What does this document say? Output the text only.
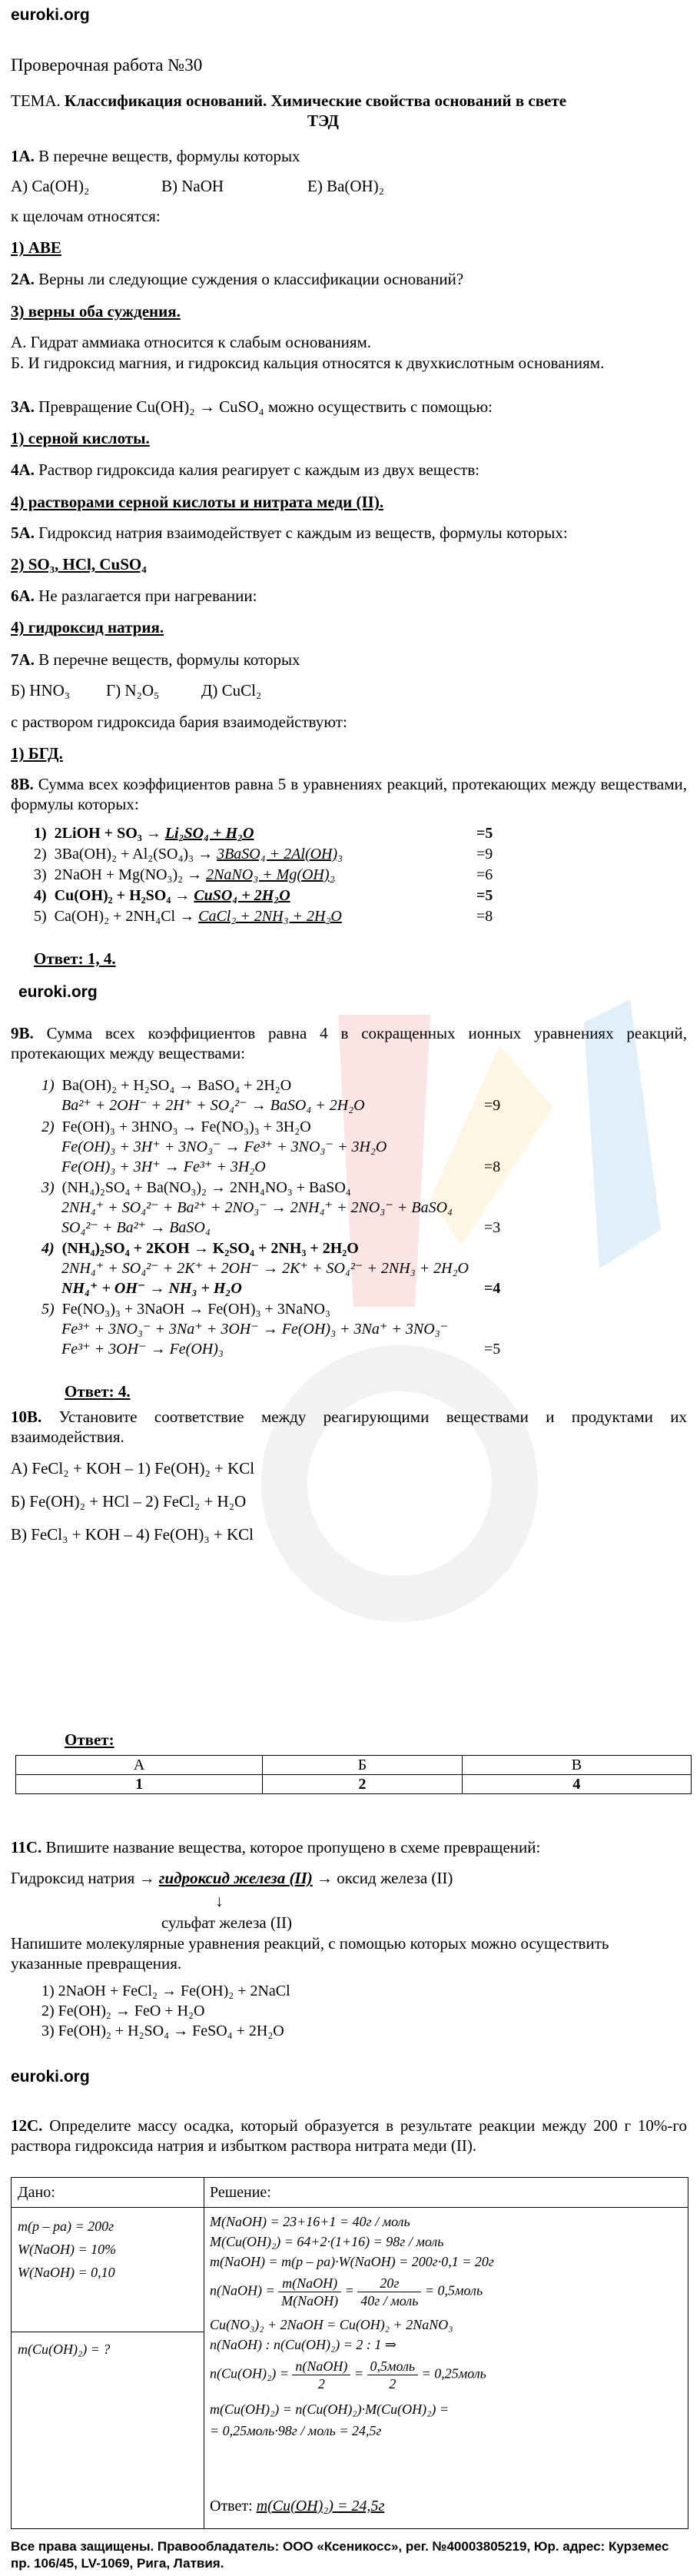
euroki.org
Проверочная работа №30
ТЕМА. Классификация оснований. Химические свойства оснований в свете
ТЭД
1А. В перечне веществ, формулы которых
А) Ca(OH)₂	В) NaOH	Е) Ba(OH)₂
к щелочам относятся:
1) АВЕ
2А. Верны ли следующие суждения о классификации оснований?
3) верны оба суждения.
А. Гидрат аммиака относится к слабым основаниям.
Б. И гидроксид магния, и гидроксид кальция относятся к двухкислотным основаниям.
3А. Превращение Cu(OH)₂ → CuSO₄ можно осуществить с помощью:
1) серной кислоты.
4А. Раствор гидроксида калия реагирует с каждым из двух веществ:
4) растворами серной кислоты и нитрата меди (II).
5А. Гидроксид натрия взаимодействует с каждым из веществ, формулы которых:
2) SO₃, HCl, CuSO₄
6А. Не разлагается при нагревании:
4) гидроксид натрия.
7А. В перечне веществ, формулы которых
Б) HNO₃ Г) N₂O₅	Д) CuCl₂
с раствором гидроксида бария взаимодействуют:
1) БГД.
8В. Сумма всех коэффициентов равна 5 в уравнениях реакций, протекающих между веществами, формулы которых:
1) 2LiOH + SO₃ → Li₂SO₄ + H₂O	=5
2) 3Ba(OH)₂ + Al₂(SO₄)₃ → 3BaSO₄ + 2Al(OH)₃	=9
3) 2NaOH + Mg(NO₃)₂ → 2NaNO₃ + Mg(OH)₂	=6
4) Cu(OH)₂ + H₂SO₄ → CuSO₄ + 2H₂O	=5
5) Ca(OH)₂ + 2NH₄Cl → CaCl₂ + 2NH₃ + 2H₂O	=8
Ответ: 1, 4.
euroki.org
9В. Сумма всех коэффициентов равна 4 в сокращенных ионных уравнениях реакций, протекающих между веществами:
1) Ba(OH)₂ + H₂SO₄ → BaSO₄ + 2H₂O
Ba²⁺ + 2OH⁻ + 2H⁺ + SO₄²⁻ → BaSO₄ + 2H₂O	=9
2) Fe(OH)₃ + 3HNO₃ → Fe(NO₃)₃ + 3H₂O
Fe(OH)₃ + 3H⁺ + 3NO₃⁻ → Fe³⁺ + 3NO₃⁻ + 3H₂O
Fe(OH)₃ + 3H⁺ → Fe³⁺ + 3H₂O	=8
3) (NH₄)₂SO₄ + Ba(NO₃)₂ → 2NH₄NO₃ + BaSO₄
2NH₄⁺ + SO₄²⁻ + Ba²⁺ + 2NO₃⁻ → 2NH₄⁺ + 2NO₃⁻ + BaSO₄
SO₄²⁻ + Ba²⁺ → BaSO₄	=3
4) (NH₄)₂SO₄ + 2KOH → K₂SO₄ + 2NH₃ + 2H₂O
2NH₄⁺ + SO₄²⁻ + 2K⁺ + 2OH⁻ → 2K⁺ + SO₄²⁻ + 2NH₃ + 2H₂O
NH₄⁺ + OH⁻ → NH₃ + H₂O	=4
5) Fe(NO₃)₃ + 3NaOH → Fe(OH)₃ + 3NaNO₃
Fe³⁺ + 3NO₃⁻ + 3Na⁺ + 3OH⁻ → Fe(OH)₃ + 3Na⁺ + 3NO₃⁻
Fe³⁺ + 3OH⁻ → Fe(OH)₃	=5
Ответ: 4.
10В. Установите соответствие между реагирующими веществами и продуктами их взаимодействия.
А) FeCl₂ + KOH – 1) Fe(OH)₂ + KCl
Б) Fe(OH)₂ + HCl – 2) FeCl₂ + H₂O
В) FeCl₃ + KOH – 4) Fe(OH)₃ + KCl
Ответ:
А	Б	В
1	2	4
11С. Впишите название вещества, которое пропущено в схеме превращений:
Гидроксид натрия → гидроксид железа (II) → оксид железа (II)
↓
сульфат железа (II)
Напишите молекулярные уравнения реакций, с помощью которых можно осуществить указанные превращения.
1) 2NaOH + FeCl₂ → Fe(OH)₂ + 2NaCl
2) Fe(OH)₂ → FeO + H₂O
3) Fe(OH)₂ + H₂SO₄ → FeSO₄ + 2H₂O
euroki.org
12С. Определите массу осадка, который образуется в результате реакции между 200 г 10%-го раствора гидроксида натрия и избытком раствора нитрата меди (II).
Дано:	Решение:
m(p – pa) = 200г
W(NaOH) = 10%
W(NaOH) = 0,10
m(Cu(OH)₂) = ?
M(NaOH) = 23+16+1 = 40г / моль
M(Cu(OH)₂) = 64+2·(1+16) = 98г / моль
m(NaOH) = m(p – pa)·W(NaOH) = 200г·0,1 = 20г
n(NaOH) = $\frac{\text{m(NaOH)}}{\text{M(NaOH)}} = \frac{20г}{\text{40г / моль}}$ = 0,5моль
Cu(NO₃)₂ + 2NaOH = Cu(OH)₂ + 2NaNO₃
n(NaOH) : n(Cu(OH)₂) = 2 : 1 ⇒
$n(Cu(OH)_2) = \frac{\text{n(NaOH)}}{2} = \frac{\text{0,5моль}}{2}$ = 0,25моль
m(Cu(OH)₂) = n(Cu(OH)₂)·M(Cu(OH)₂) =
= 0,25моль·98г / моль = 24,5г
Ответ: m(Cu(OH)₂) = 24,5г
Все права защищены. Правообладатель: ООО «Ксеникосс», рег. №40003805219, Юр. адрес: Курземес пр. 106/45, LV-1069, Рига, Латвия.
